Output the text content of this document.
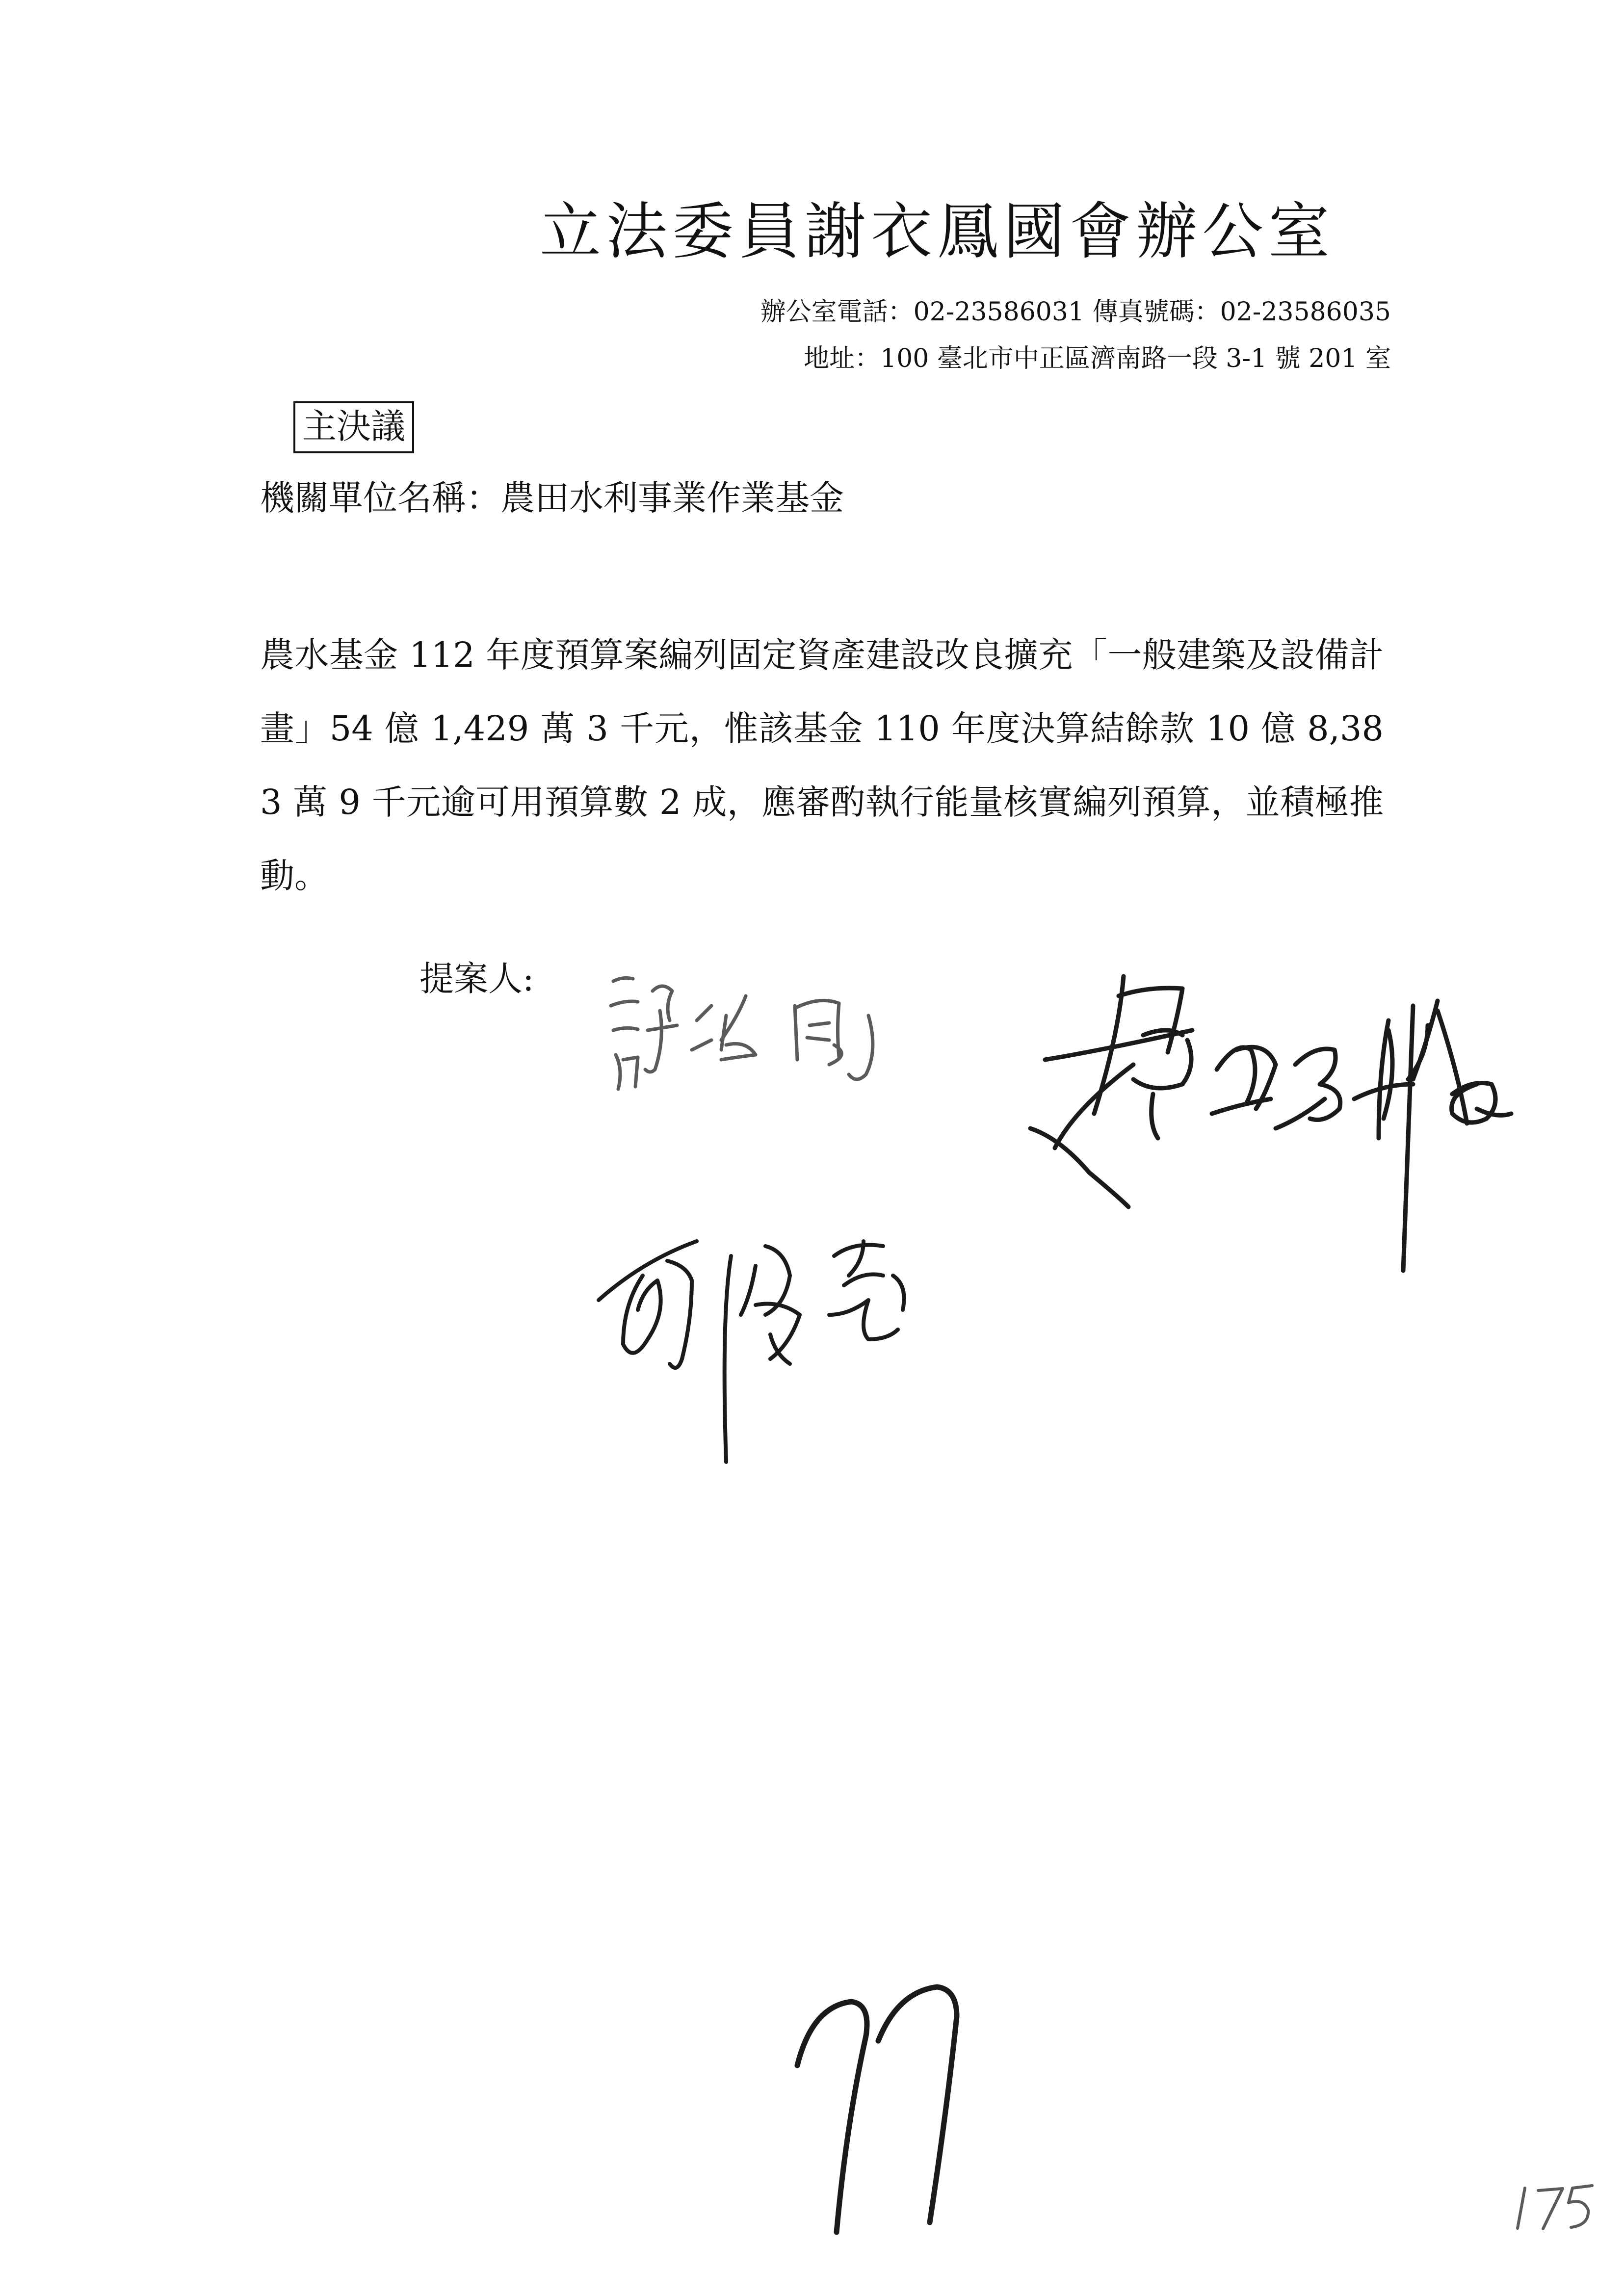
立法委員謝衣鳳國會辦公室
辦公室電話：02-23586031 傳真號碼：02-23586035
地址：100 臺北市中正區濟南路一段 3-1 號 201 室
主決議
機關單位名稱：農田水利事業作業基金
農水基金 112 年度預算案編列固定資產建設改良擴充「一般建築及設備計畫」54 億 1,429 萬 3 千元，惟該基金 110 年度決算結餘款 10 億 8,383 萬 9 千元逾可用預算數 2 成，應審酌執行能量核實編列預算，並積極推動。
提案人:
